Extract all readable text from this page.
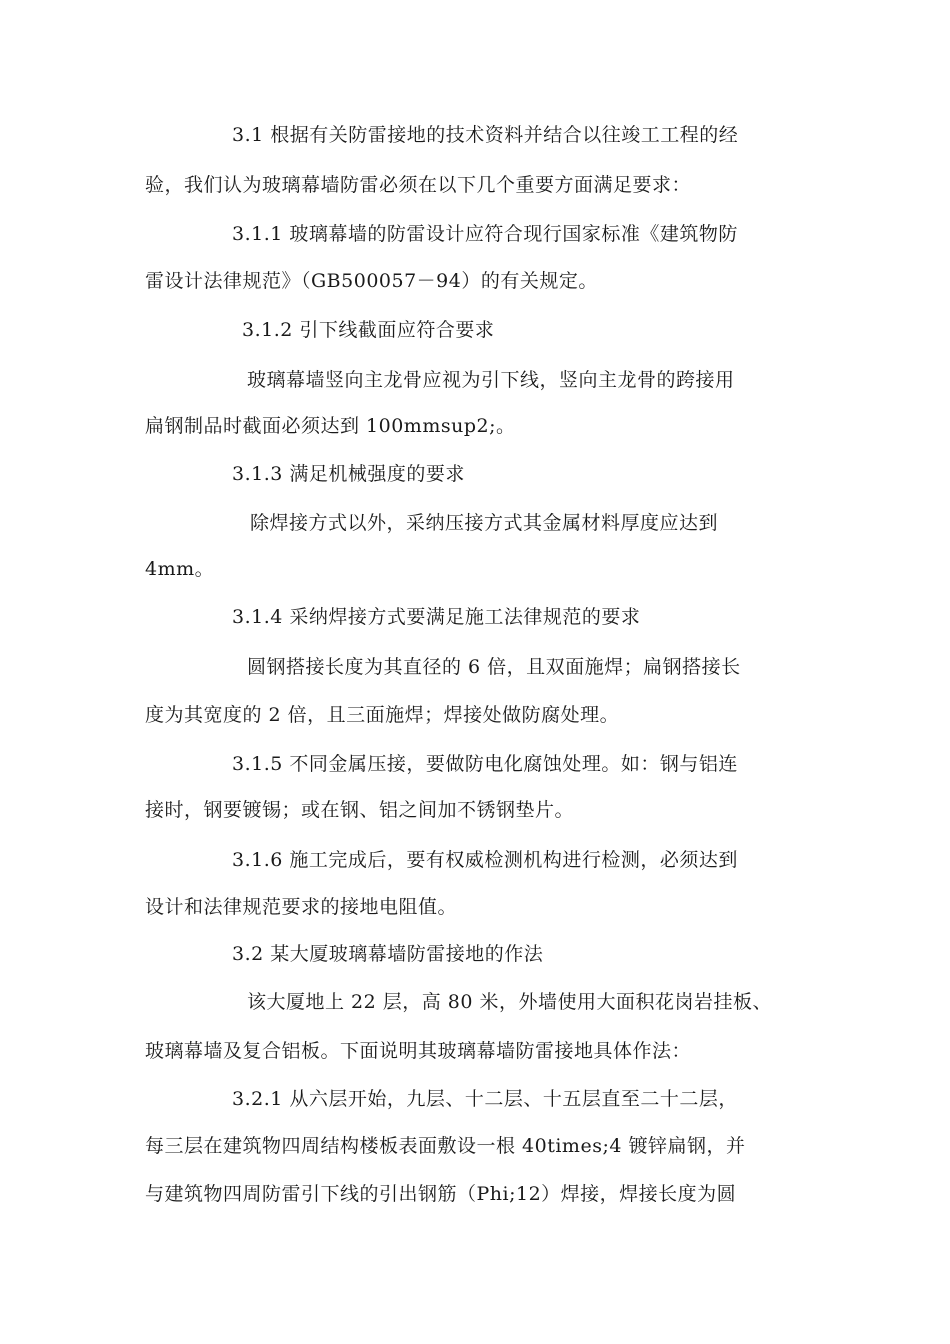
3.1 根据有关防雷接地的技术资料并结合以往竣工工程的经
验，我们认为玻璃幕墙防雷必须在以下几个重要方面满足要求：
3.1.1 玻璃幕墙的防雷设计应符合现行国家标准《建筑物防
雷设计法律规范》（GB500057－94）的有关规定。
3.1.2 引下线截面应符合要求
玻璃幕墙竖向主龙骨应视为引下线，竖向主龙骨的跨接用
扁钢制品时截面必须达到 100mmsup2;。
3.1.3 满足机械强度的要求
除焊接方式以外，采纳压接方式其金属材料厚度应达到
4mm。
3.1.4 采纳焊接方式要满足施工法律规范的要求
圆钢搭接长度为其直径的 6 倍，且双面施焊；扁钢搭接长
度为其宽度的 2 倍，且三面施焊；焊接处做防腐处理。
3.1.5 不同金属压接，要做防电化腐蚀处理。如：钢与铝连
接时，钢要镀锡；或在钢、铝之间加不锈钢垫片。
3.1.6 施工完成后，要有权威检测机构进行检测，必须达到
设计和法律规范要求的接地电阻值。
3.2 某大厦玻璃幕墙防雷接地的作法
该大厦地上 22 层，高 80 米，外墙使用大面积花岗岩挂板、
玻璃幕墙及复合铝板。下面说明其玻璃幕墙防雷接地具体作法：
3.2.1 从六层开始，九层、十二层、十五层直至二十二层，
每三层在建筑物四周结构楼板表面敷设一根 40times;4 镀锌扁钢，并
与建筑物四周防雷引下线的引出钢筋（Phi;12）焊接，焊接长度为圆
